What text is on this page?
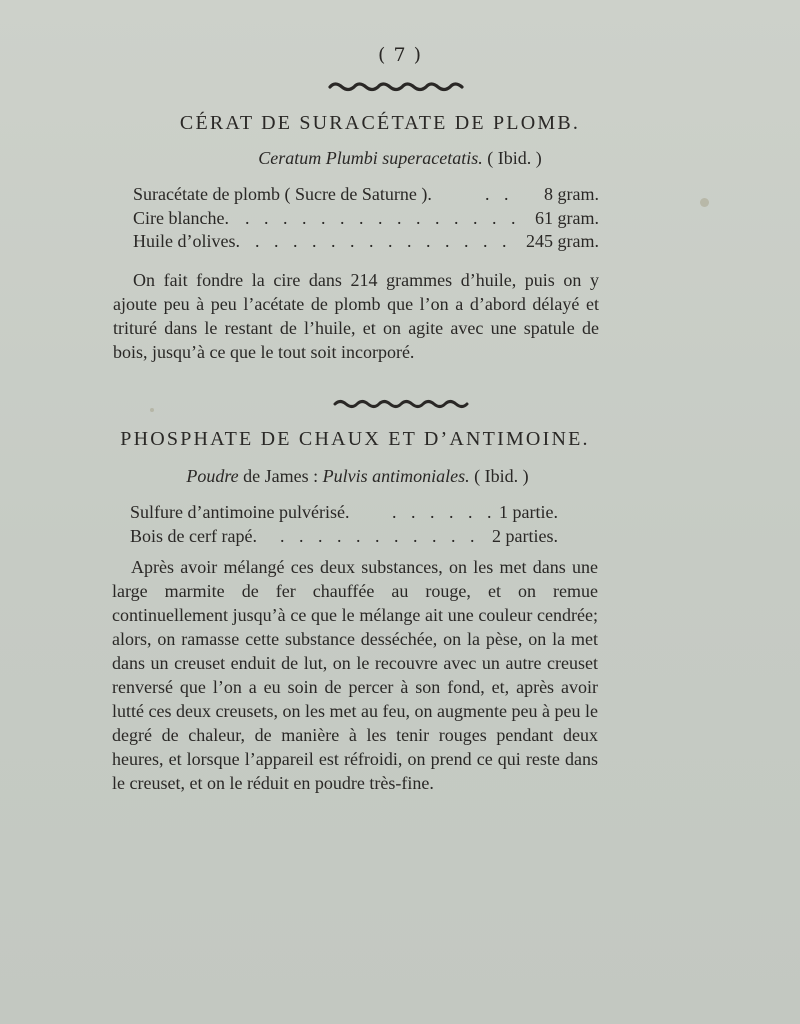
( 7 )
CÉRAT DE SURACÉTATE DE PLOMB.
Ceratum Plumbi superacetatis. ( Ibid. )
Suracétate de plomb ( Sucre de Saturne ).	. . 8 gram.
Cire blanche. . . . . . . . . . . . . . . . 61 gram.
Huile d’olives. . . . . . . . . . . . . . . 245 gram.

On fait fondre la cire dans 214 grammes d’huile, puis on y ajoute peu à peu l’acétate de plomb que l’on a d’abord délayé et trituré dans le restant de l’huile, et on agite avec une spatule de bois, jusqu’à ce que le tout soit incorporé.

PHOSPHATE DE CHAUX ET D’ANTIMOINE.
Poudre de James : Pulvis antimoniales. ( Ibid. )
Sulfure d’antimoine pulvérisé. . . . . . . 1 partie.
Bois de cerf rapé. . . . . . . . . . . . 2 parties.

Après avoir mélangé ces deux substances, on les met dans une large marmite de fer chauffée au rouge, et on remue continuellement jusqu’à ce que le mélange ait une couleur cendrée; alors, on ramasse cette substance desséchée, on la pèse, on la met dans un creuset enduit de lut, on le recouvre avec un autre creuset renversé que l’on a eu soin de percer à son fond, et, après avoir lutté ces deux creusets, on les met au feu, on augmente peu à peu le degré de chaleur, de manière à les tenir rouges pendant deux heures, et lorsque l’appareil est réfroidi, on prend ce qui reste dans le creuset, et on le réduit en poudre très-fine.
